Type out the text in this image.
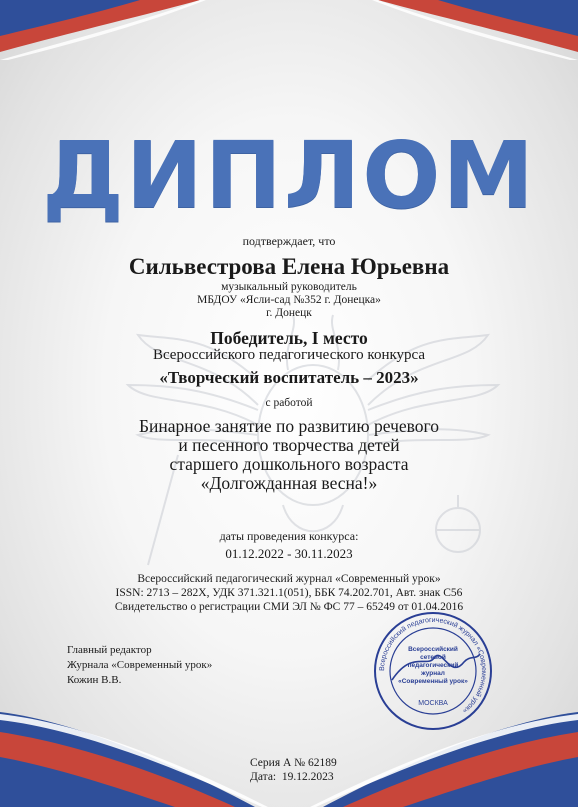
ДИПЛОМ
подтверждает, что
Сильвестрова Елена Юрьевна
музыкальный руководитель
МБДОУ «Ясли-сад №352 г. Донецка»
г. Донецк
Победитель, I место
Всероссийского педагогического конкурса
«Творческий воспитатель – 2023»
с работой
Бинарное занятие по развитию речевого
и песенного творчества детей
старшего дошкольного возраста
«Долгожданная весна!»
даты проведения конкурса:
01.12.2022 - 30.11.2023
Всероссийский педагогический журнал «Современный урок»
ISSN: 2713 – 282X, УДК 371.321.1(051), ББК 74.202.701, Авт. знак С56
Свидетельство о регистрации СМИ ЭЛ № ФС 77 – 65249 от 01.04.2016
Главный редактор
Журнала «Современный урок»
Кожин В.В.
Всероссийский педагогический журнал «Современный урок»
Всероссийский сетевой педагогический журнал «Современный урок»
МОСКВА
Серия А № 62189
Дата: 19.12.2023
